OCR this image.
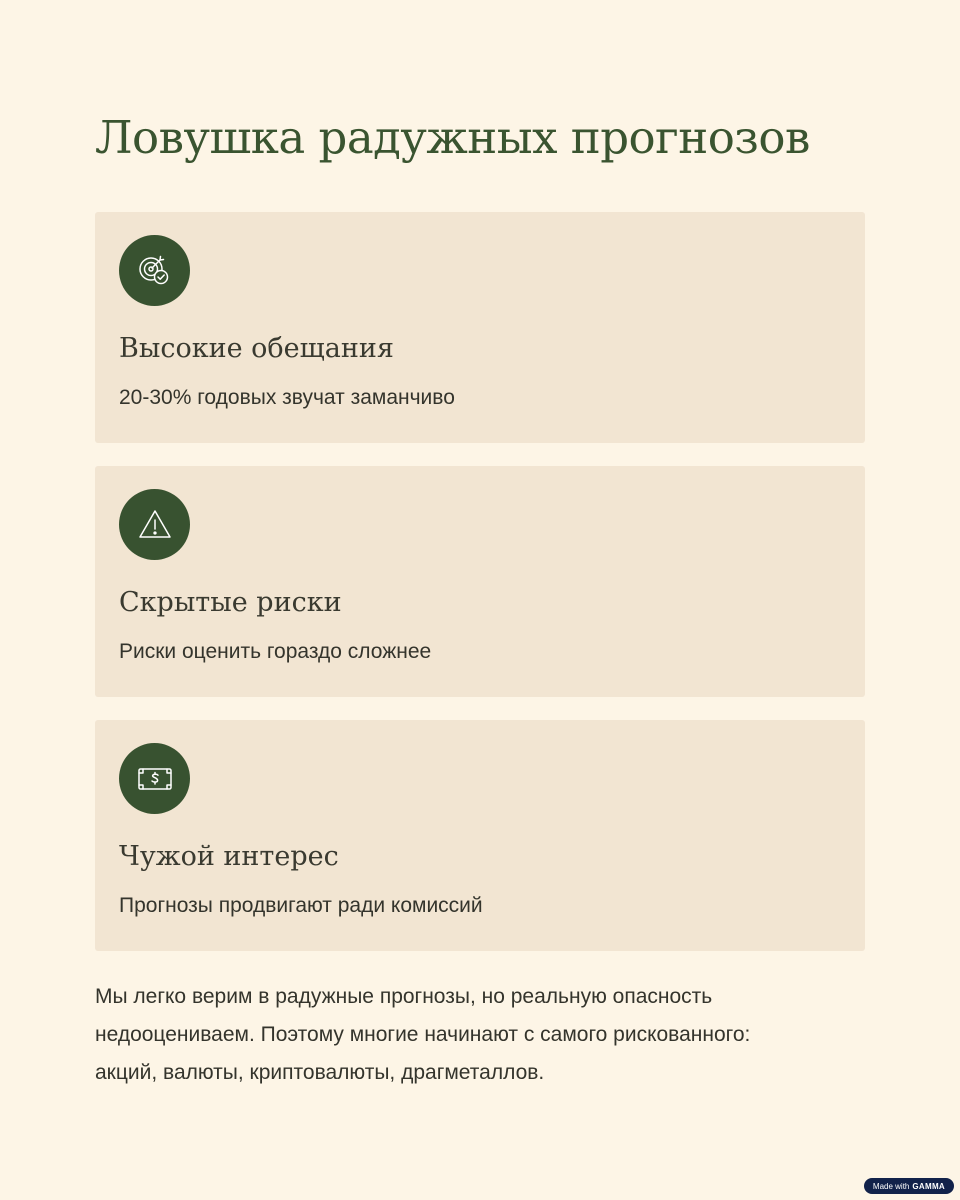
Ловушка радужных прогнозов
Высокие обещания

20-30% годовых звучат заманчиво

Скрытые риски

Риски оценить гораздо сложнее

Чужой интерес

Прогнозы продвигают ради комиссий

Мы легко верим в радужные прогнозы, но реальную опасность
недооцениваем. Поэтому многие начинают с самого рискованного:
акций, валюты, криптовалюты, драгметаллов.

Made with GAMMA
